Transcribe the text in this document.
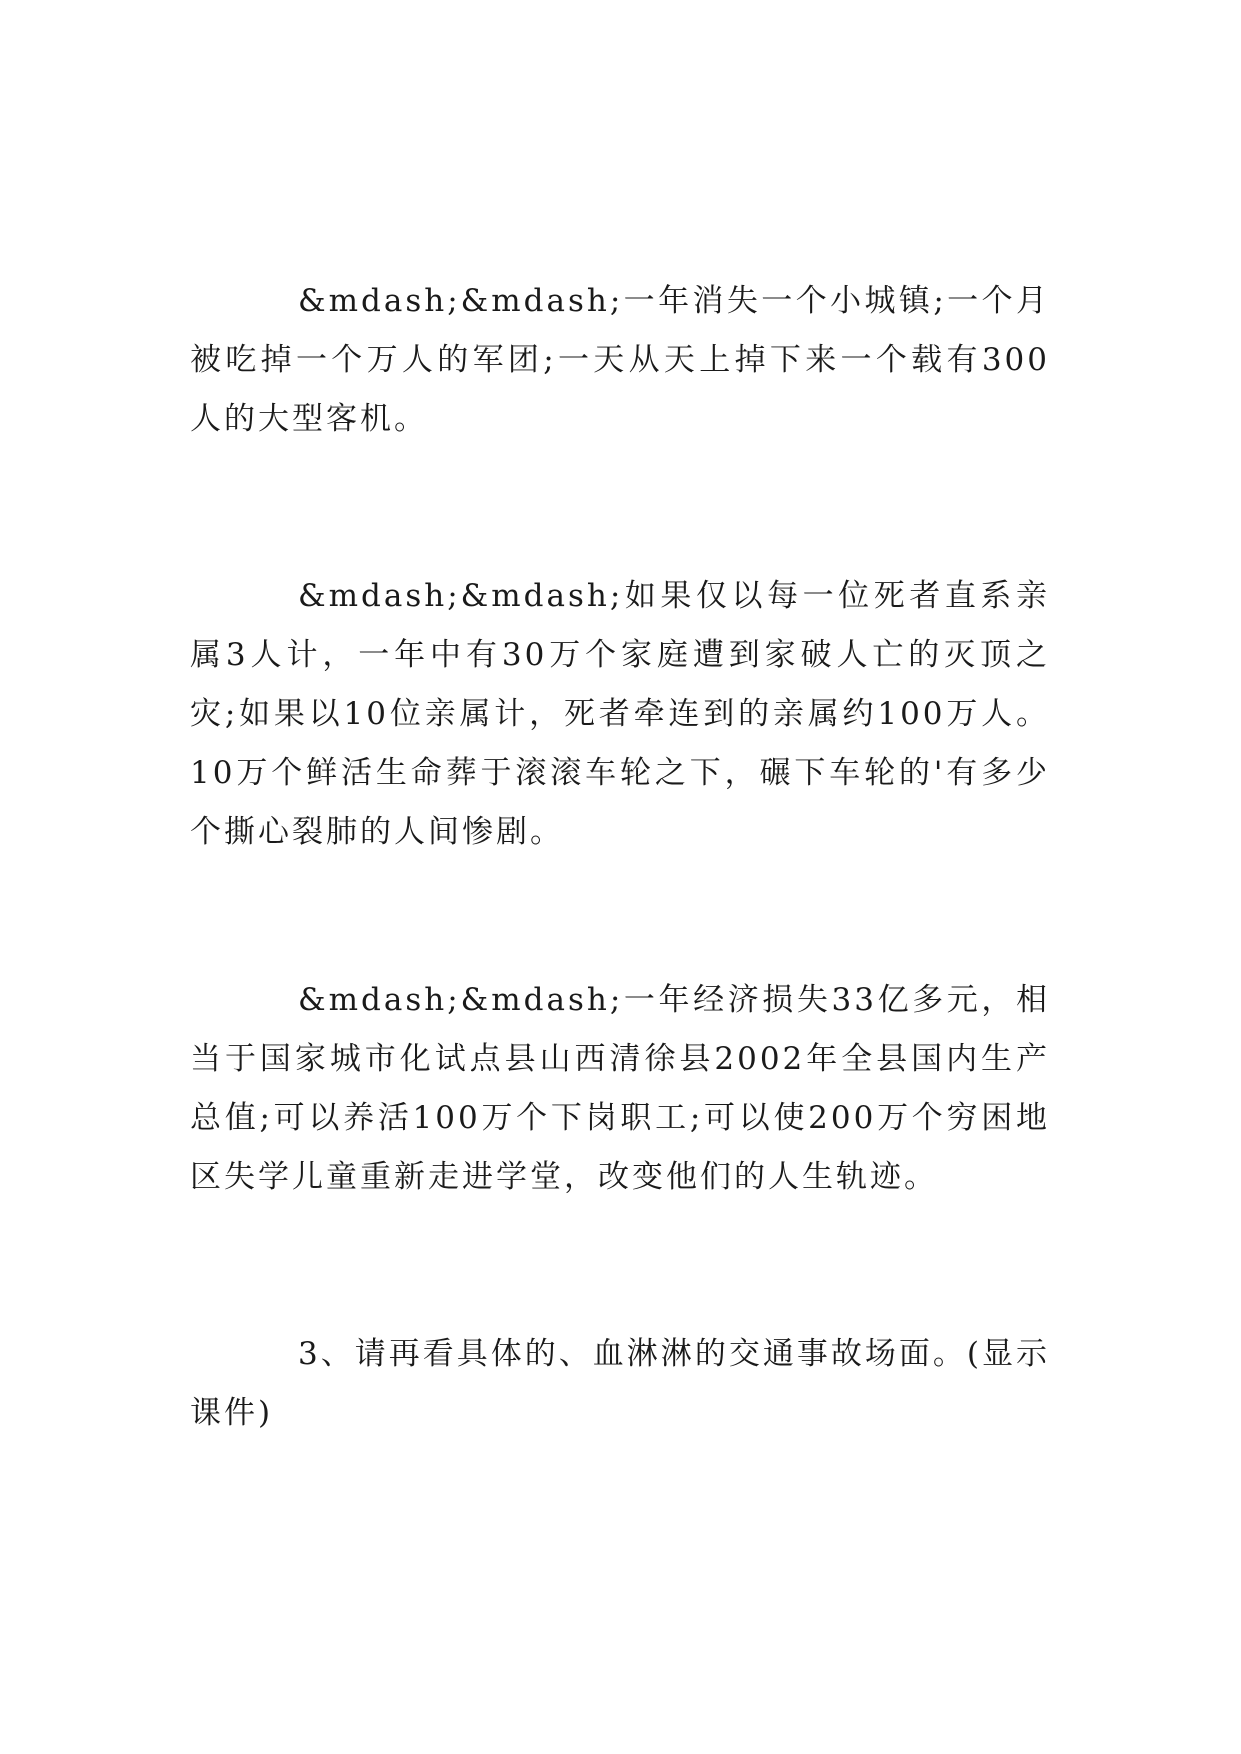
&mdash;&mdash;一年消失一个小城镇;一个月被吃掉一个万人的军团;一天从天上掉下来一个载有300人的大型客机。

&mdash;&mdash;如果仅以每一位死者直系亲属3人计，一年中有30万个家庭遭到家破人亡的灭顶之灾;如果以10位亲属计，死者牵连到的亲属约100万人。10万个鲜活生命葬于滚滚车轮之下，碾下车轮的'有多少个撕心裂肺的人间惨剧。

&mdash;&mdash;一年经济损失33亿多元，相当于国家城市化试点县山西清徐县2002年全县国内生产总值;可以养活100万个下岗职工;可以使200万个穷困地区失学儿童重新走进学堂，改变他们的人生轨迹。

3、请再看具体的、血淋淋的交通事故场面。(显示课件)
